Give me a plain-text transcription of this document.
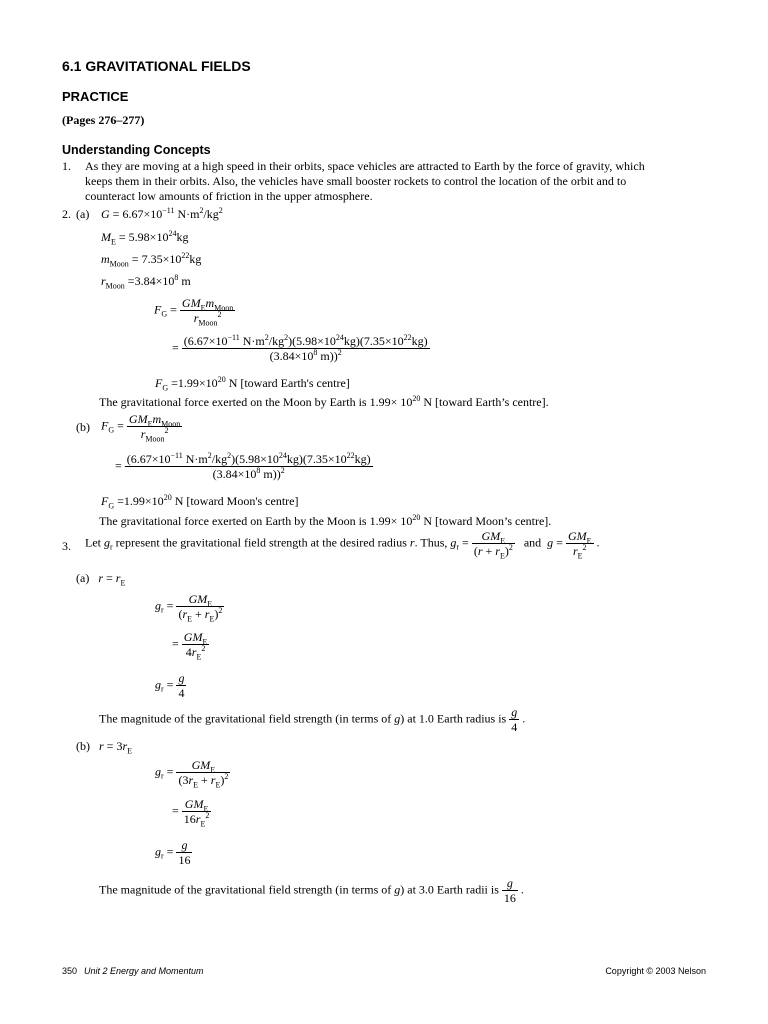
6.1 GRAVITATIONAL FIELDS
PRACTICE
(Pages 276–277)
Understanding Concepts
1. As they are moving at a high speed in their orbits, space vehicles are attracted to Earth by the force of gravity, which
keeps them in their orbits. Also, the vehicles have small booster rockets to control the location of the orbit and to
counteract low amounts of friction in the upper atmosphere.
2. (a) $G = 6.67\times 10^{-11}$ $N\cdot m^2/kg^2$
$M_E = 5.98\times 10^{24}kg$
$m_{Moon} = 7.35\times 10^{22}kg$
$r_{Moon} =3.84\times 10^8$ m
$F_G = \frac{GM_Em_{Moon}}{r_{Moon}^2}$
= $\frac{(6.67\times 10^{-11} N\cdot m^2/kg^2)(5.98\times 10^{24}kg)(7.35\times 10^{22}kg)}{(3.84\times 10^8 m))^2}$
$F_G =1.99\times 10^{20}$ N [toward Earth's centre]
The gravitational force exerted on the Moon by Earth is $1.99\times 10^{20}$ N [toward Earth’s centre].
(b) $F_G = \frac{GM_Em_{Moon}}{r_{Moon}^2}$
= $\frac{(6.67\times 10^{-11} N\cdot m^2/kg^2)(5.98\times 10^{24}kg)(7.35\times 10^{22}kg)}{(3.84\times 10^8 m))^2}$
$F_G =1.99\times 10^{20}$ N [toward Moon's centre]
The gravitational force exerted on Earth by the Moon is $1.99\times 10^{20}$ N [toward Moon’s centre].
3. Let $g_r$ represent the gravitational field strength at the desired radius r. Thus, $g_r = \frac{GM_E}{(r + r_E)^2}$ and $g = \frac{GM_E}{r_E^2}$ .
(a) $r = r_E$
$g_r = \frac{GM_E}{(r_E + r_E)^2}$
= $\frac{GM_E}{4r_E^2}$
$g_r = \frac{g}{4}$
The magnitude of the gravitational field strength (in terms of g) at 1.0 Earth radius is $\frac{g}{4}$ .
(b) $r = 3r_E$
$g_r = \frac{GM_E}{(3r_E + r_E)^2}$
= $\frac{GM_E}{16r_E^2}$
$g_r = \frac{g}{16}$
The magnitude of the gravitational field strength (in terms of g) at 3.0 Earth radii is $\frac{g}{16}$ .
350 Unit 2 Energy and Momentum	Copyright © 2003 Nelson
